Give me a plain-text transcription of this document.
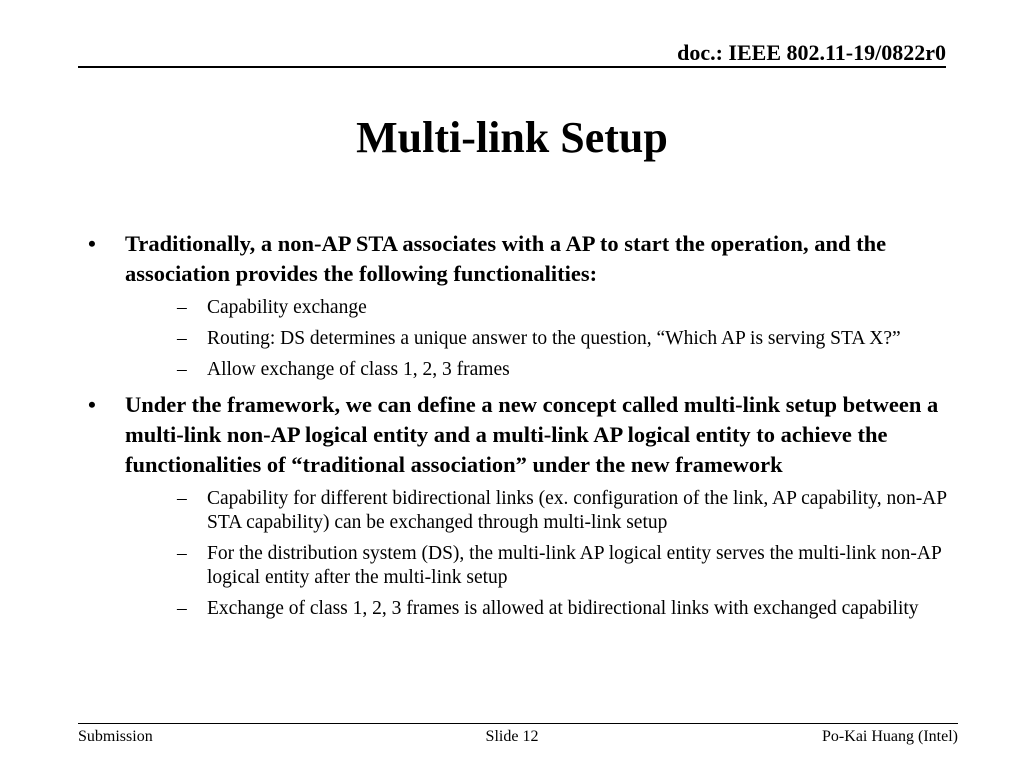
doc.: IEEE 802.11-19/0822r0
Multi-link Setup
• Traditionally, a non-AP STA associates with a AP to start the operation, and the association provides the following functionalities:
– Capability exchange
– Routing: DS determines a unique answer to the question, “Which AP is serving STA X?”
– Allow exchange of class 1, 2, 3 frames
• Under the framework, we can define a new concept called multi-link setup between a multi-link non-AP logical entity and a multi-link AP logical entity to achieve the functionalities of “traditional association” under the new framework
– Capability for different bidirectional links (ex. configuration of the link, AP capability, non-AP STA capability) can be exchanged through multi-link setup
– For the distribution system (DS), the multi-link AP logical entity serves the multi-link non-AP logical entity after the multi-link setup
– Exchange of class 1, 2, 3 frames is allowed at bidirectional links with exchanged capability
Submission	Slide 12	Po-Kai Huang (Intel)
